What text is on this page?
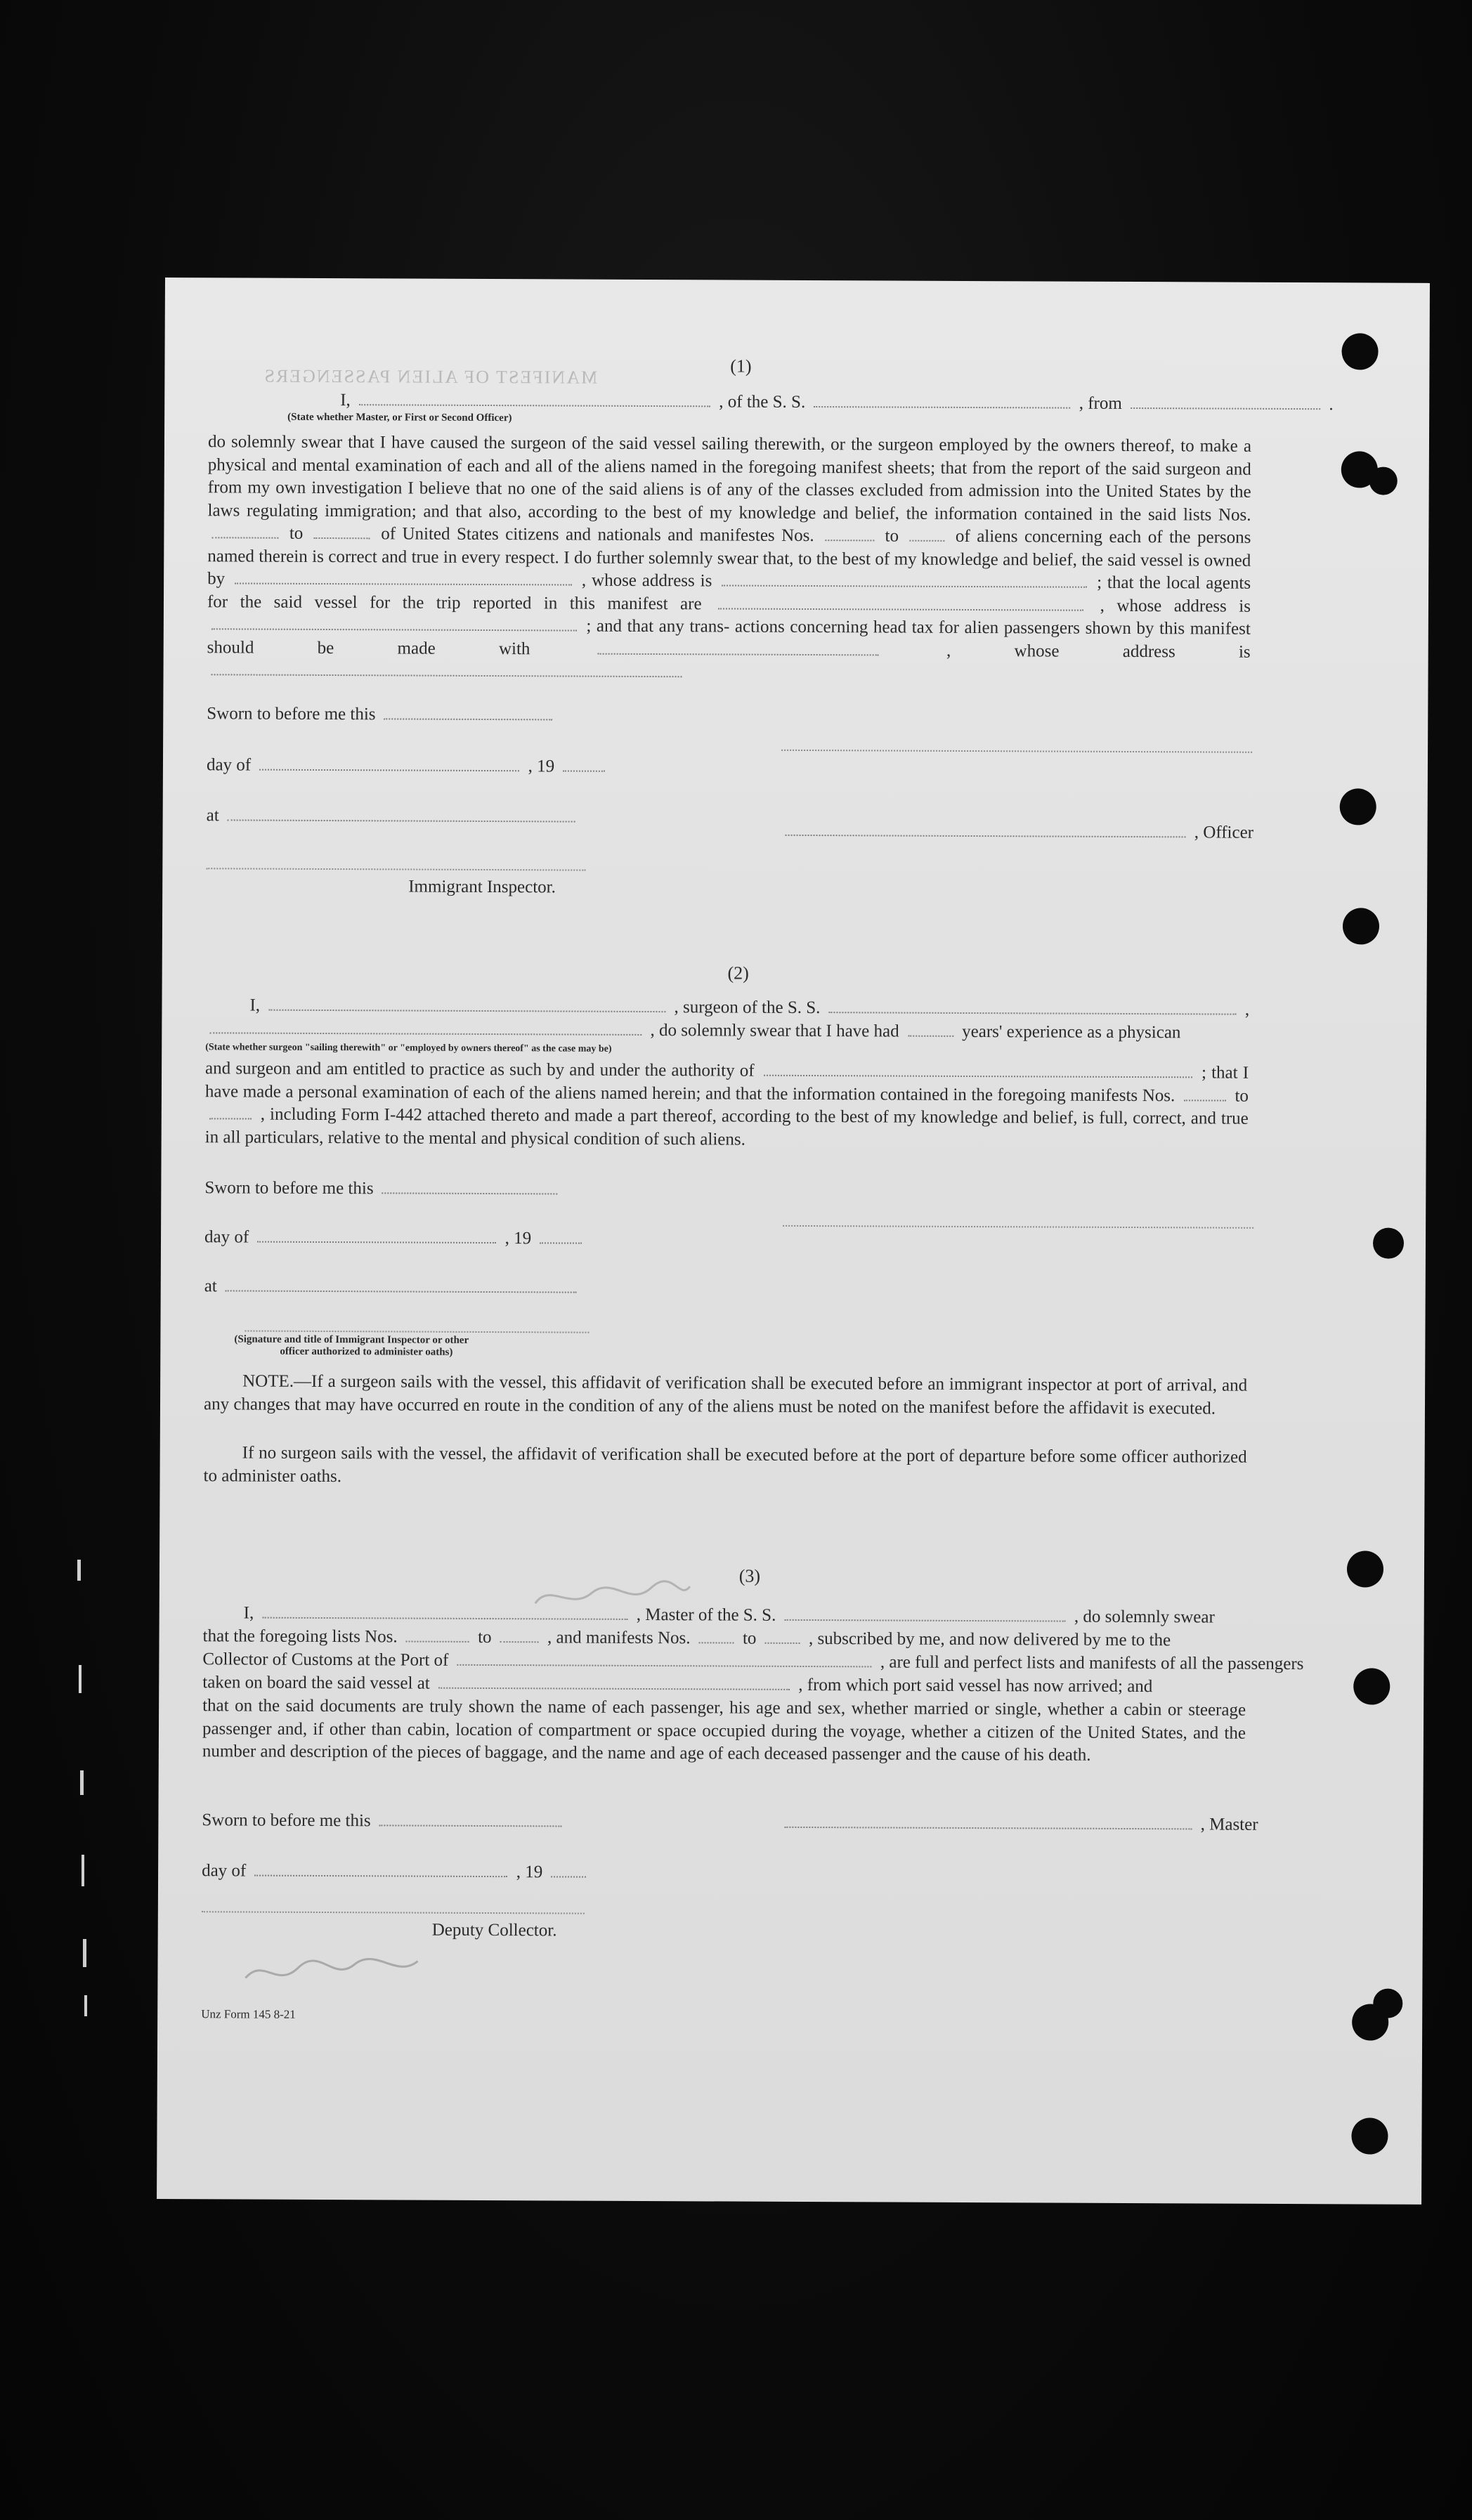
MANIFEST OF ALIEN PASSENGERS	(1)
I,	, of the S. S.	, from	.
(State whether Master, or First or Second Officer)
do solemnly swear that I have caused the surgeon of the said vessel sailing therewith, or the surgeon employed by the owners thereof, to make a physical and mental examination of each and all of the aliens named in the foregoing manifest sheets; that from the report of the said surgeon and from my own investigation I believe that no one of the said aliens is of any of the classes excluded from admission into the United States by the laws regulating immigration; and that also, according to the best of my knowledge and belief, the information contained in the said lists Nos.  to	of United States citizens and nationals and manifestes Nos.	to	of aliens concerning each of the persons named therein is correct and true in every respect. I do further solemnly swear that, to the best of my knowledge and belief, the said vessel is owned by	, whose address is	; that the local agents for the said vessel for the trip reported in this manifest are	, whose address is  ; and that any trans- actions concerning head tax for alien passengers shown by this manifest should be made with	,	whose address is
Sworn to before me this
day of	, 19
at
, Officer
Immigrant Inspector.
(2)
I,	, surgeon of the S. S.	,
, do solemnly swear that I have had	years' experience as a physican
(State whether surgeon "sailing therewith" or "employed by owners thereof" as the case may be)
and surgeon and am entitled to practice as such by and under the authority of	; that I have made a personal examination of each of the aliens named herein; and that the information contained in the foregoing manifests Nos.	to  , including Form I-442 attached thereto and made a part thereof, according to the best of my knowledge and belief, is full, correct, and true in all particulars, relative to the mental and physical condition of such aliens.
Sworn to before me this
day of	, 19
at
(Signature and title of Immigrant Inspector or other
officer authorized to administer oaths)
NOTE.—If a surgeon sails with the vessel, this affidavit of verification shall be executed before an immigrant inspector at port of arrival, and any changes that may have occurred en route in the condition of any of the aliens must be noted on the manifest before the affidavit is executed.
If no surgeon sails with the vessel, the affidavit of verification shall be executed before at the port of departure before some officer authorized to administer oaths.
(3)
I,	, Master of the S. S.	, do solemnly swear
that the foregoing lists Nos.	to	, and manifests Nos.	to	, subscribed by me, and now delivered by me to the
Collector of Customs at the Port of	, are full and perfect lists and manifests of all the passengers
taken on board the said vessel at	, from which port said vessel has now arrived; and
that on the said documents are truly shown the name of each passenger, his age and sex, whether married or single, whether a cabin or steerage passenger and, if other than cabin, location of compartment or space occupied during the voyage, whether a citizen of the United States, and the number and description of the pieces of baggage, and the name and age of each deceased passenger and the cause of his death.
Sworn to before me this	, Master
day of	, 19
Deputy Collector.
Unz Form 145 8-21
